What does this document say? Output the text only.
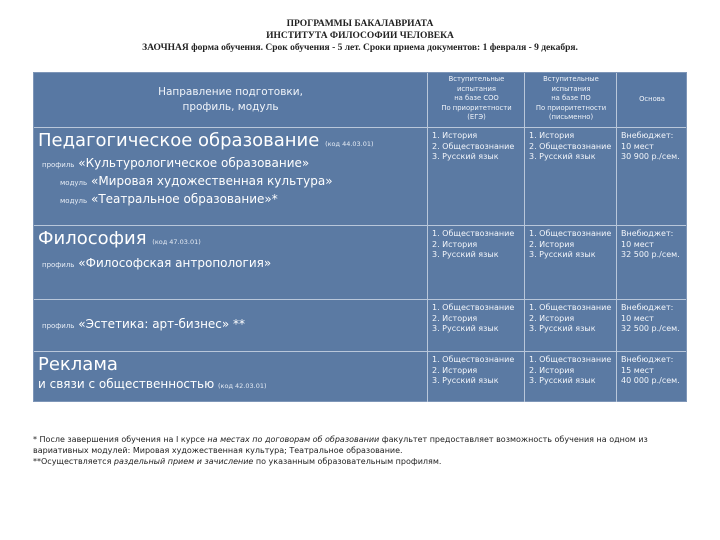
ПРОГРАММЫ БАКАЛАВРИАТА
ИНСТИТУТА ФИЛОСОФИИ ЧЕЛОВЕКА
ЗАОЧНАЯ форма обучения. Срок обучения - 5 лет. Сроки приема документов: 1 февраля - 9 декабря.
Направление подготовки,
профиль, модуль
Вступительные
испытания
на базе СОО
По приоритетности
(ЕГЭ)
Вступительные
испытания
на базе ПО
По приоритетности
(письменно)
Основа
Педагогическое образование (код 44.03.01)
профиль «Культурологическое образование»
модуль «Мировая художественная культура»
модуль «Театральное образование»*
1. История
2. Обществознание
3. Русский язык
1. История
2. Обществознание
3. Русский язык
Внебюджет:
10 мест
30 900 р./сем.
Философия (код 47.03.01)
профиль «Философская антропология»
1. Обществознание
2. История
3. Русский язык
1. Обществознание
2. История
3. Русский язык
Внебюджет:
10 мест
32 500 р./сем.
профиль «Эстетика: арт-бизнес» **
1. Обществознание
2. История
3. Русский язык
1. Обществознание
2. История
3. Русский язык
Внебюджет:
10 мест
32 500 р./сем.
Реклама
и связи с общественностью (код 42.03.01)
1. Обществознание
2. История
3. Русский язык
1. Обществознание
2. История
3. Русский язык
Внебюджет:
15 мест
40 000 р./сем.
* После завершения обучения на I курсе на местах по договорам об образовании факультет предоставляет возможность обучения на одном из
вариативных модулей: Мировая художественная культура; Театральное образование.
**Осуществляется раздельный прием и зачисление по указанным образовательным профилям.
